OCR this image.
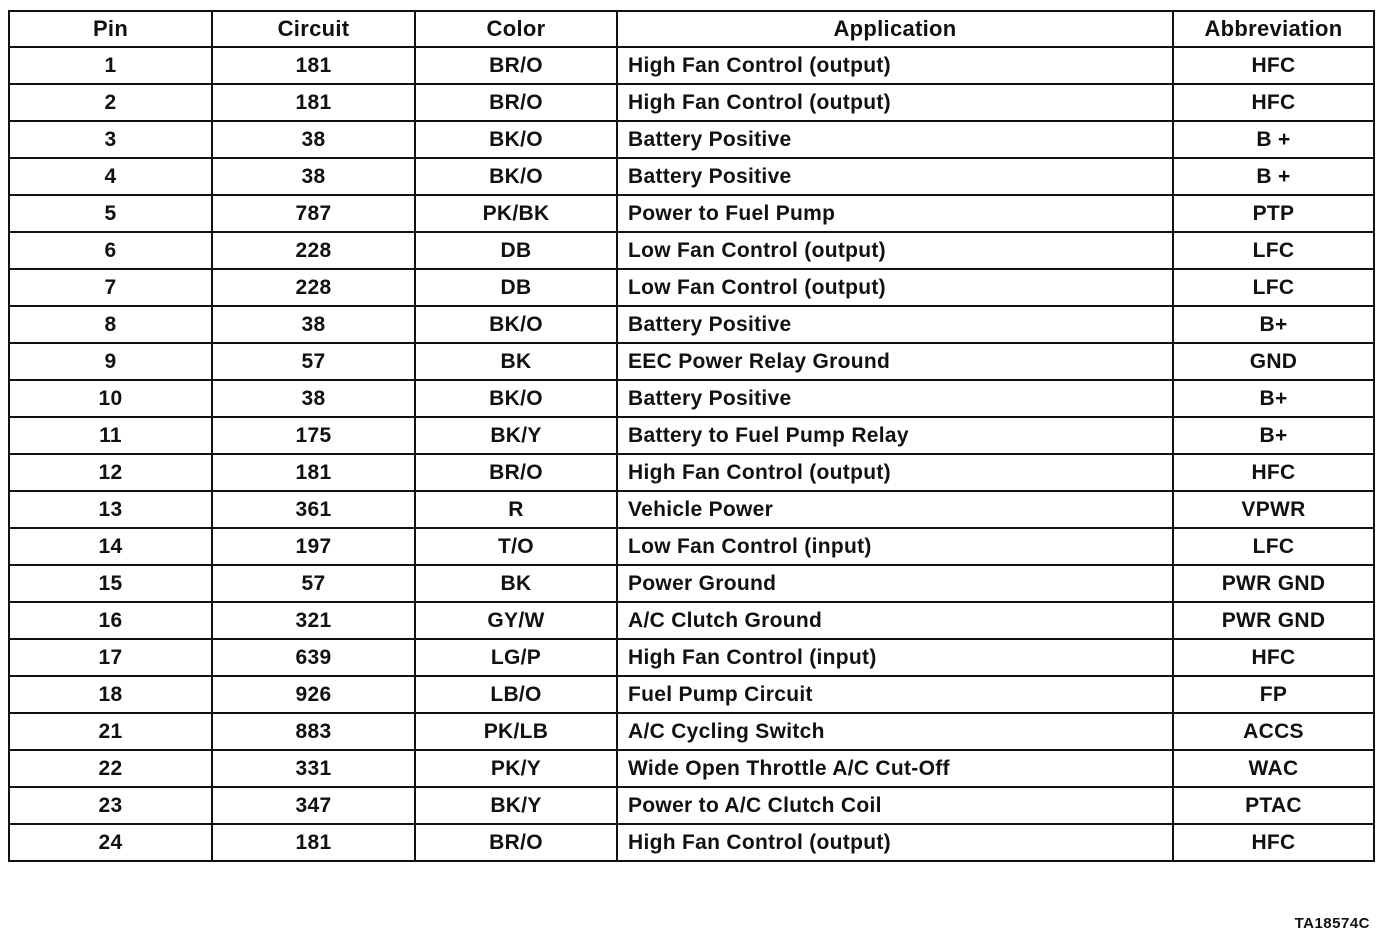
Pin	Circuit	Color	Application	Abbreviation
1	181	BR/O	High Fan Control (output)	HFC
2	181	BR/O	High Fan Control (output)	HFC
3	38	BK/O	Battery Positive	B +
4	38	BK/O	Battery Positive	B +
5	787	PK/BK	Power to Fuel Pump	PTP
6	228	DB	Low Fan Control (output)	LFC
7	228	DB	Low Fan Control (output)	LFC
8	38	BK/O	Battery Positive	B+
9	57	BK	EEC Power Relay Ground	GND
10	38	BK/O	Battery Positive	B+
11	175	BK/Y	Battery to Fuel Pump Relay	B+
12	181	BR/O	High Fan Control (output)	HFC
13	361	R	Vehicle Power	VPWR
14	197	T/O	Low Fan Control (input)	LFC
15	57	BK	Power Ground	PWR GND
16	321	GY/W	A/C Clutch Ground	PWR GND
17	639	LG/P	High Fan Control (input)	HFC
18	926	LB/O	Fuel Pump Circuit	FP
21	883	PK/LB	A/C Cycling Switch	ACCS
22	331	PK/Y	Wide Open Throttle A/C Cut-Off	WAC
23	347	BK/Y	Power to A/C Clutch Coil	PTAC
24	181	BR/O	High Fan Control (output)	HFC
TA18574C
